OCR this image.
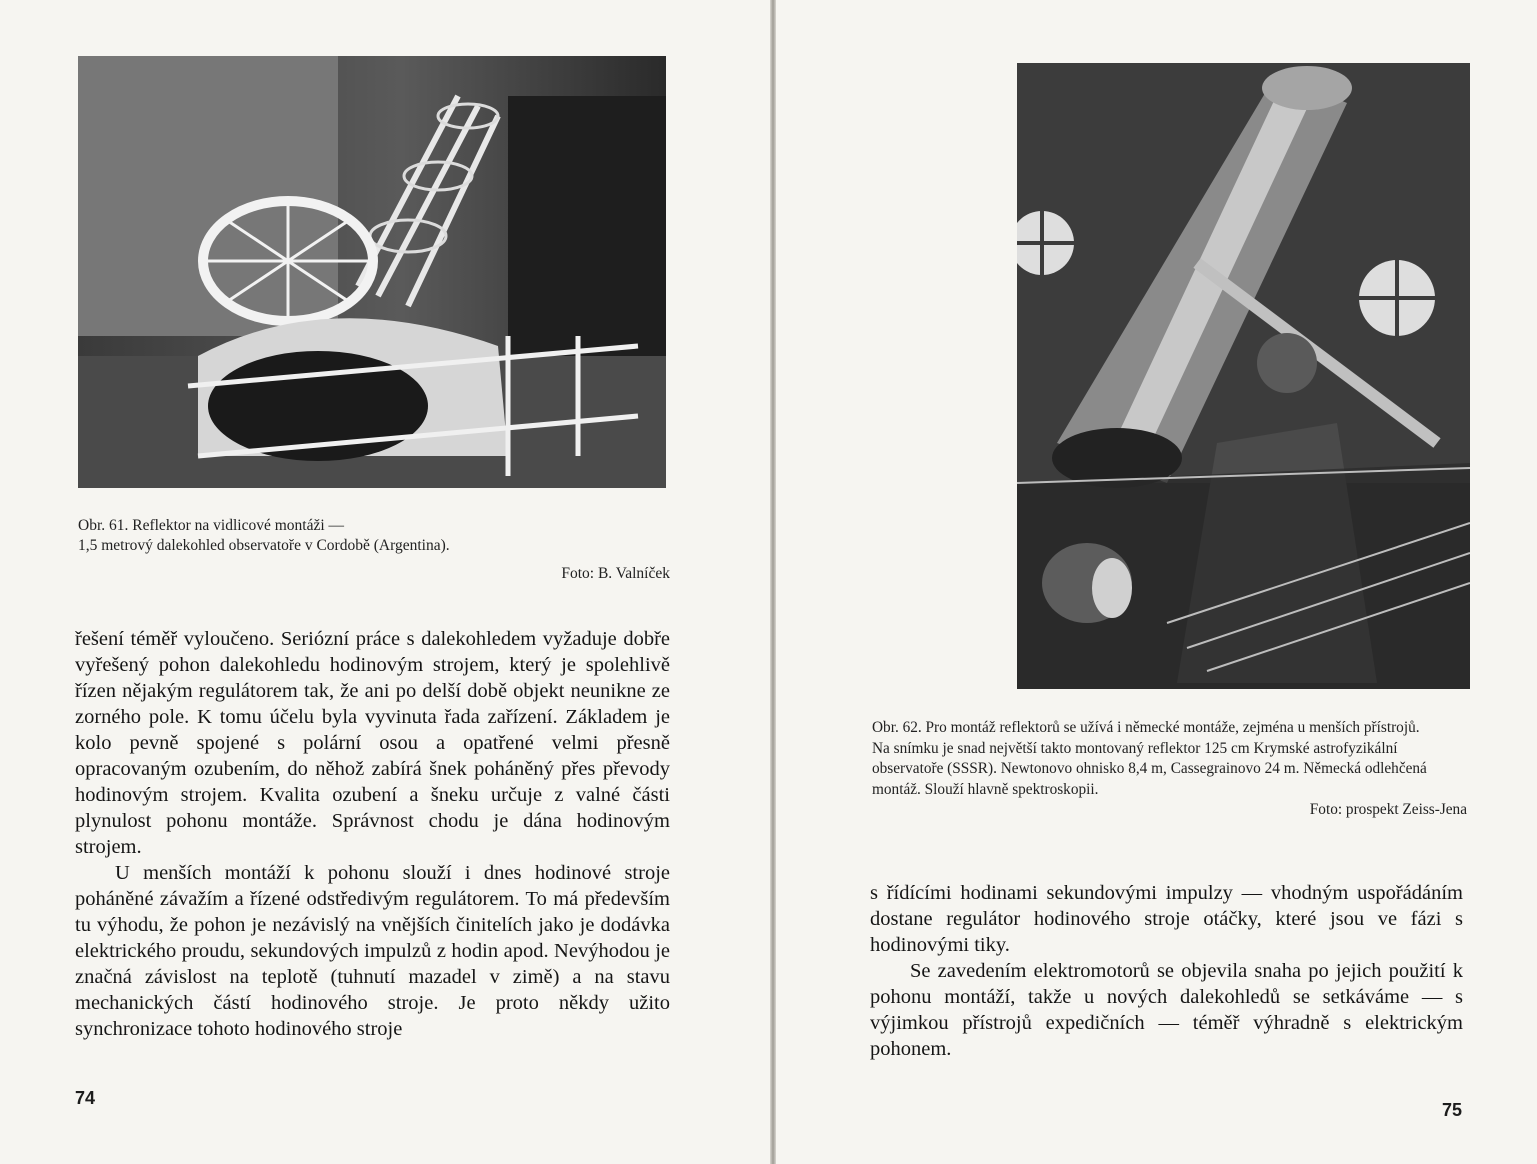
Obr. 61. Reflektor na vidlicové montáži —

1,5 metrový dalekohled observatoře v Cordobě (Argentina).

Foto: B. Valníček

řešení téměř vyloučeno. Seriózní práce s dalekohledem vyžaduje dobře vyřešený pohon dalekohledu hodinovým strojem, který je spolehlivě řízen nějakým regulátorem tak, že ani po delší době objekt neunikne ze zorného pole. K tomu účelu byla vyvinuta řada zařízení. Základem je kolo pevně spojené s polární osou a opatřené velmi přesně opracovaným ozubením, do něhož zabírá šnek poháněný přes převody hodinovým strojem. Kvalita ozubení a šneku určuje z valné části plynulost pohonu montáže. Správnost chodu je dána hodinovým strojem.

U menších montáží k pohonu slouží i dnes hodinové stroje poháněné závažím a řízené odstředivým regulátorem. To má především tu výhodu, že pohon je nezávislý na vnějších činitelích jako je dodávka elektrického proudu, sekundových impulzů z hodin apod. Nevýhodou je značná závislost na teplotě (tuhnutí mazadel v zimě) a na stavu mechanických částí hodinového stroje. Je proto někdy užito synchronizace tohoto hodinového stroje

74

Obr. 62. Pro montáž reflektorů se užívá i německé montáže, zejména u menších přístrojů.

Na snímku je snad největší takto montovaný reflektor 125 cm Krymské astrofyzikální observatoře (SSSR). Newtonovo ohnisko 8,4 m, Cassegrainovo 24 m. Německá odlehčená montáž. Slouží hlavně spektroskopii.

Foto: prospekt Zeiss-Jena

s řídícími hodinami sekundovými impulzy — vhodným uspořádáním dostane regulátor hodinového stroje otáčky, které jsou ve fázi s hodinovými tiky.

Se zavedením elektromotorů se objevila snaha po jejich použití k pohonu montáží, takže u nových dalekohledů se setkáváme — s výjimkou přístrojů expedičních — téměř výhradně s elektrickým pohonem.

75
